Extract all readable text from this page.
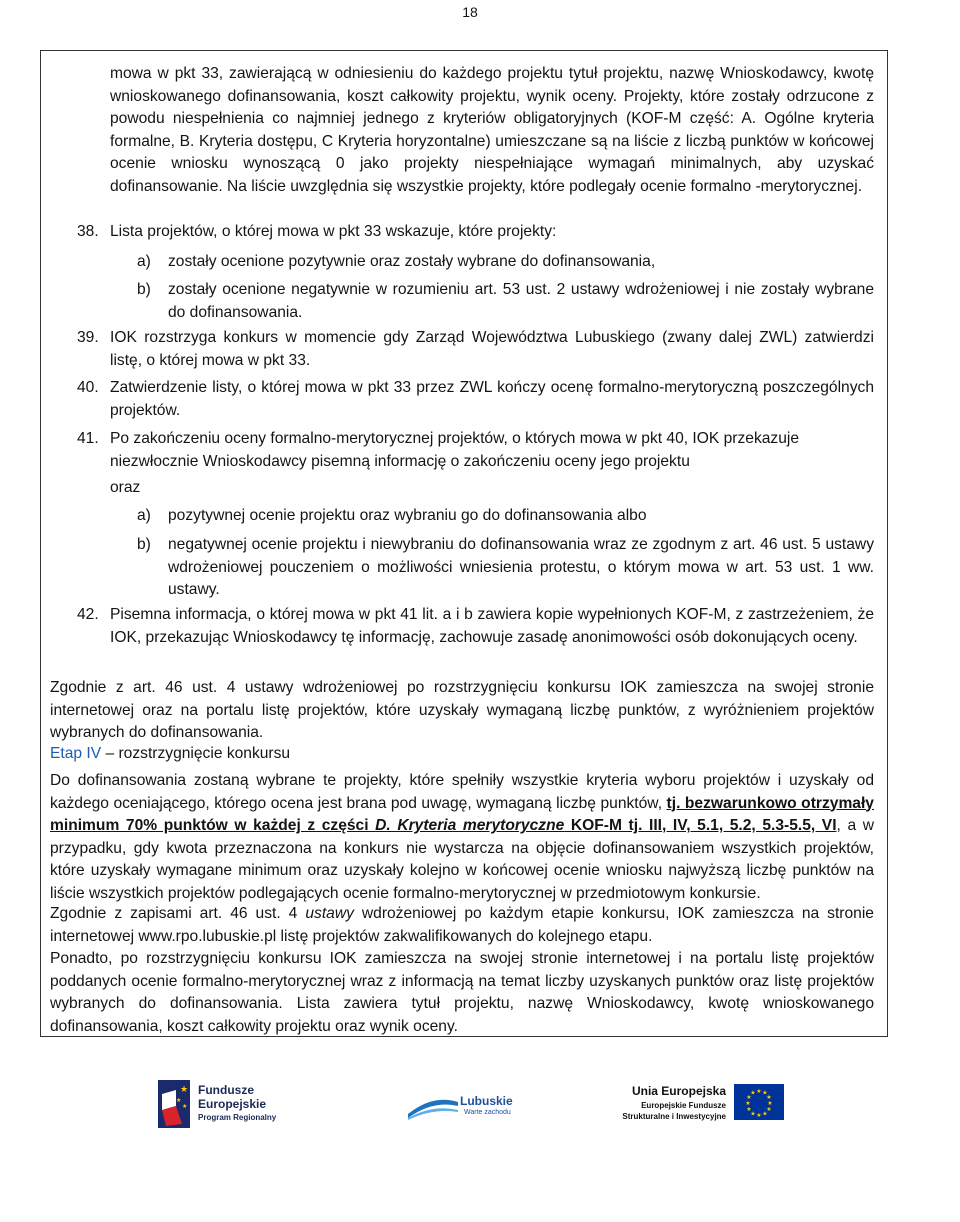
18
mowa w pkt 33, zawierającą w odniesieniu do każdego projektu tytuł projektu, nazwę Wnioskodawcy, kwotę wnioskowanego dofinansowania, koszt całkowity projektu, wynik oceny. Projekty, które zostały odrzucone z powodu niespełnienia co najmniej jednego z kryteriów obligatoryjnych (KOF-M część: A. Ogólne kryteria formalne, B. Kryteria dostępu, C Kryteria horyzontalne) umieszczane są na liście z liczbą punktów w końcowej ocenie wniosku wynoszącą 0 jako projekty niespełniające wymagań minimalnych, aby uzyskać dofinansowanie. Na liście uwzględnia się wszystkie projekty, które podlegały ocenie formalno -merytorycznej.
38. Lista projektów, o której mowa w pkt 33 wskazuje, które projekty:
a) zostały ocenione pozytywnie oraz zostały wybrane do dofinansowania,
b) zostały ocenione negatywnie w rozumieniu art. 53 ust. 2 ustawy wdrożeniowej i nie zostały wybrane do dofinansowania.
39. IOK rozstrzyga konkurs w momencie gdy Zarząd Województwa Lubuskiego (zwany dalej ZWL) zatwierdzi listę, o której mowa w pkt 33.
40. Zatwierdzenie listy, o której mowa w pkt 33 przez ZWL kończy ocenę formalno-merytoryczną poszczególnych projektów.
41. Po zakończeniu oceny formalno-merytorycznej projektów, o których mowa w pkt 40, IOK przekazuje niezwłocznie Wnioskodawcy pisemną informację o zakończeniu oceny jego projektu
oraz
a) pozytywnej ocenie projektu oraz wybraniu go do dofinansowania albo
b) negatywnej ocenie projektu i niewybraniu do dofinansowania wraz ze zgodnym z art. 46 ust. 5 ustawy wdrożeniowej pouczeniem o możliwości wniesienia protestu, o którym mowa w art. 53 ust. 1 ww. ustawy.
42. Pisemna informacja, o której mowa w pkt 41 lit. a i b zawiera kopie wypełnionych KOF-M, z zastrzeżeniem, że IOK, przekazując Wnioskodawcy tę informację, zachowuje zasadę anonimowości osób dokonujących oceny.
Zgodnie z art. 46 ust. 4 ustawy wdrożeniowej po rozstrzygnięciu konkursu IOK zamieszcza na swojej stronie internetowej oraz na portalu listę projektów, które uzyskały wymaganą liczbę punktów, z wyróżnieniem projektów wybranych do dofinansowania.
Etap IV – rozstrzygnięcie konkursu
Do dofinansowania zostaną wybrane te projekty, które spełniły wszystkie kryteria wyboru projektów i uzyskały od każdego oceniającego, którego ocena jest brana pod uwagę, wymaganą liczbę punktów, tj. bezwarunkowo otrzymały minimum 70% punktów w każdej z części D. Kryteria merytoryczne KOF-M tj. III, IV, 5.1, 5.2, 5.3-5.5, VI, a w przypadku, gdy kwota przeznaczona na konkurs nie wystarcza na objęcie dofinansowaniem wszystkich projektów, które uzyskały wymagane minimum oraz uzyskały kolejno w końcowej ocenie wniosku najwyższą liczbę punktów na liście wszystkich projektów podlegających ocenie formalno-merytorycznej w przedmiotowym konkursie.
Zgodnie z zapisami art. 46 ust. 4 ustawy wdrożeniowej po każdym etapie konkursu, IOK zamieszcza na stronie internetowej www.rpo.lubuskie.pl listę projektów zakwalifikowanych do kolejnego etapu.
Ponadto, po rozstrzygnięciu konkursu IOK zamieszcza na swojej stronie internetowej i na portalu listę projektów poddanych ocenie formalno-merytorycznej wraz z informacją na temat liczby uzyskanych punktów oraz listę projektów wybranych do dofinansowania. Lista zawiera tytuł projektu, nazwę Wnioskodawcy, kwotę wnioskowanego dofinansowania, koszt całkowity projektu oraz wynik oceny.
★
★
★
Fundusze
Europejskie
Program Regionalny
Lubuskie
Warte zachodu
Unia Europejska
Europejskie Fundusze
Strukturalne i Inwestycyjne
★ ★
★
★
★
★
★
★
★
★
★
★
